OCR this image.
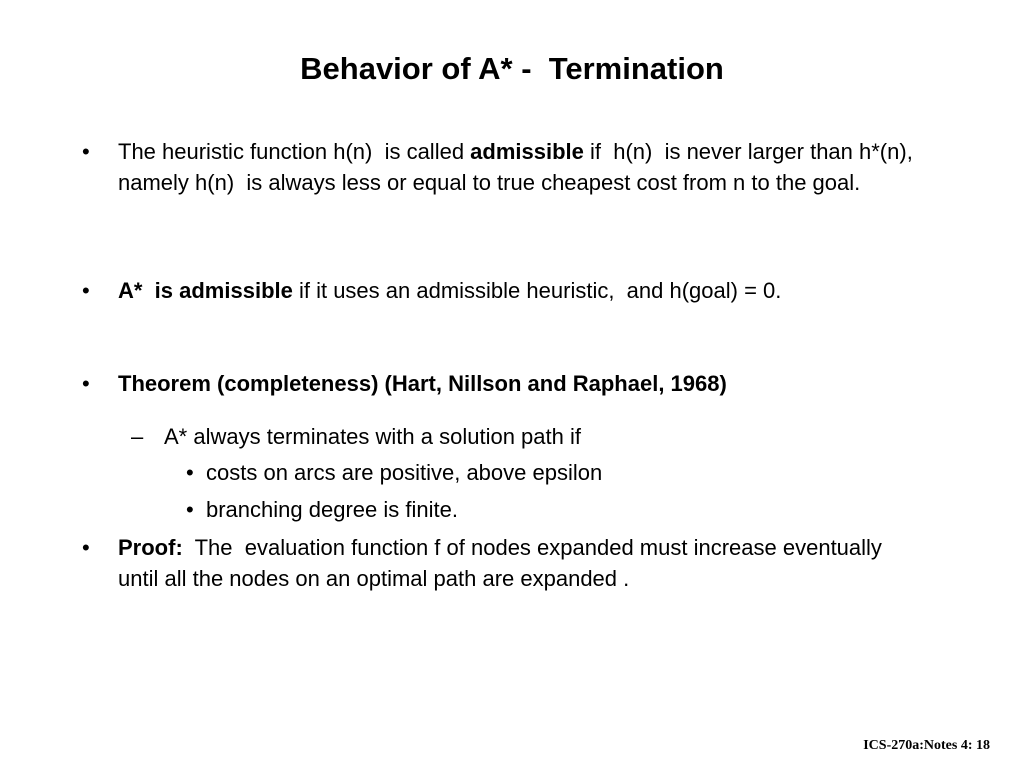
Behavior of A* -  Termination
• The heuristic function h(n)  is called admissible if  h(n)  is never larger than h*(n), namely h(n)  is always less or equal to true cheapest cost from n to the goal.
• A*  is admissible if it uses an admissible heuristic,  and h(goal) = 0.
• Theorem (completeness) (Hart, Nillson and Raphael, 1968)
– A* always terminates with a solution path if
• costs on arcs are positive, above epsilon
• branching degree is finite.
• Proof:  The  evaluation function f of nodes expanded must increase eventually until all the nodes on an optimal path are expanded .
ICS-270a:Notes 4: 18
